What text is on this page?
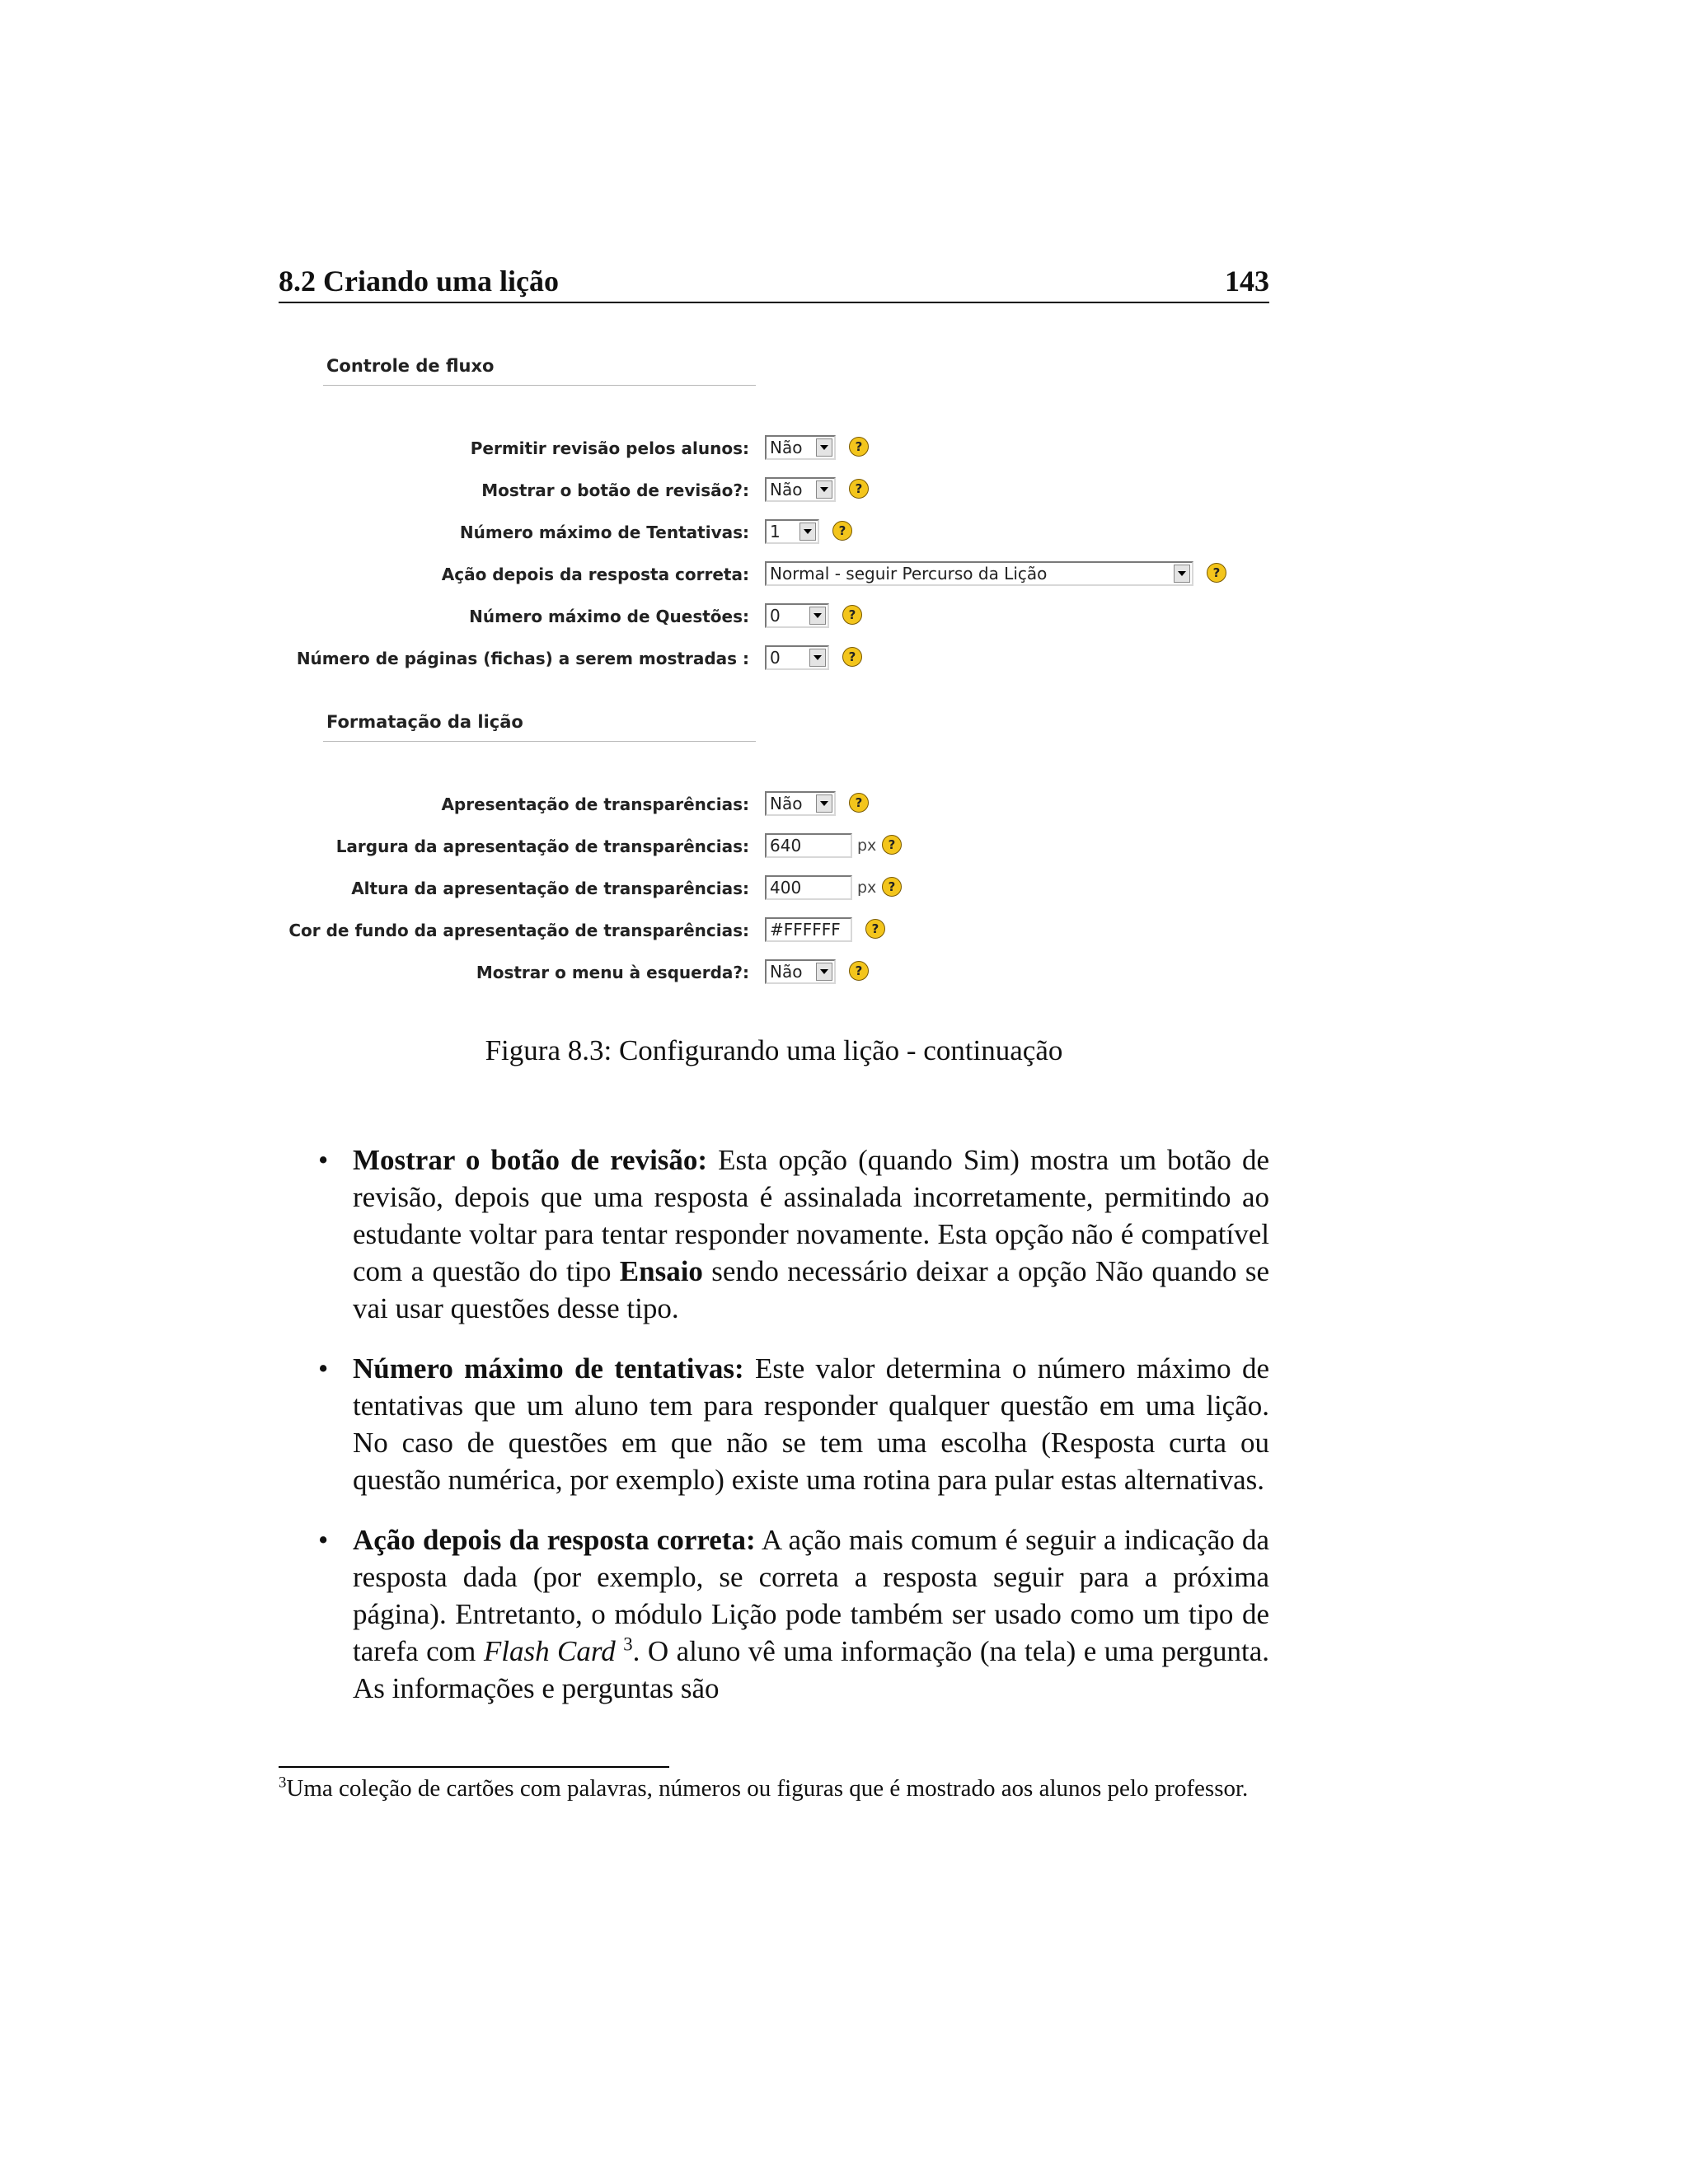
8.2 Criando uma lição	143
Controle de fluxo
Permitir revisão pelos alunos:	Não	?
Mostrar o botão de revisão?:	Não	?
Número máximo de Tentativas:	1	?
Ação depois da resposta correta:	Normal - seguir Percurso da Lição	?
Número máximo de Questões:	0	?
Número de páginas (fichas) a serem mostradas :	0	?
Formatação da lição
Apresentação de transparências:	Não	?
Largura da apresentação de transparências:	640	px ?
Altura da apresentação de transparências:	400	px ?
Cor de fundo da apresentação de transparências:	#FFFFFF	?
Mostrar o menu à esquerda?:	Não	?
Figura 8.3: Configurando uma lição - continuação
• Mostrar o botão de revisão: Esta opção (quando Sim) mostra um botão de revisão, depois que uma resposta é assinalada incorretamente, permitindo ao estudante voltar para tentar responder novamente. Esta opção não é compatível com a questão do tipo Ensaio sendo necessário deixar a opção Não quando se vai usar questões desse tipo.
• Número máximo de tentativas: Este valor determina o número máximo de tentativas que um aluno tem para responder qualquer questão em uma lição. No caso de questões em que não se tem uma escolha (Resposta curta ou questão numérica, por exemplo) existe uma rotina para pular estas alternativas.
• Ação depois da resposta correta: A ação mais comum é seguir a indicação da resposta dada (por exemplo, se correta a resposta seguir para a próxima página). Entretanto, o módulo Lição pode também ser usado como um tipo de tarefa com Flash Card $^3$. O aluno vê uma informação (na tela) e uma pergunta. As informações e perguntas são
$^3$Uma coleção de cartões com palavras, números ou figuras que é mostrado aos alunos pelo professor.
